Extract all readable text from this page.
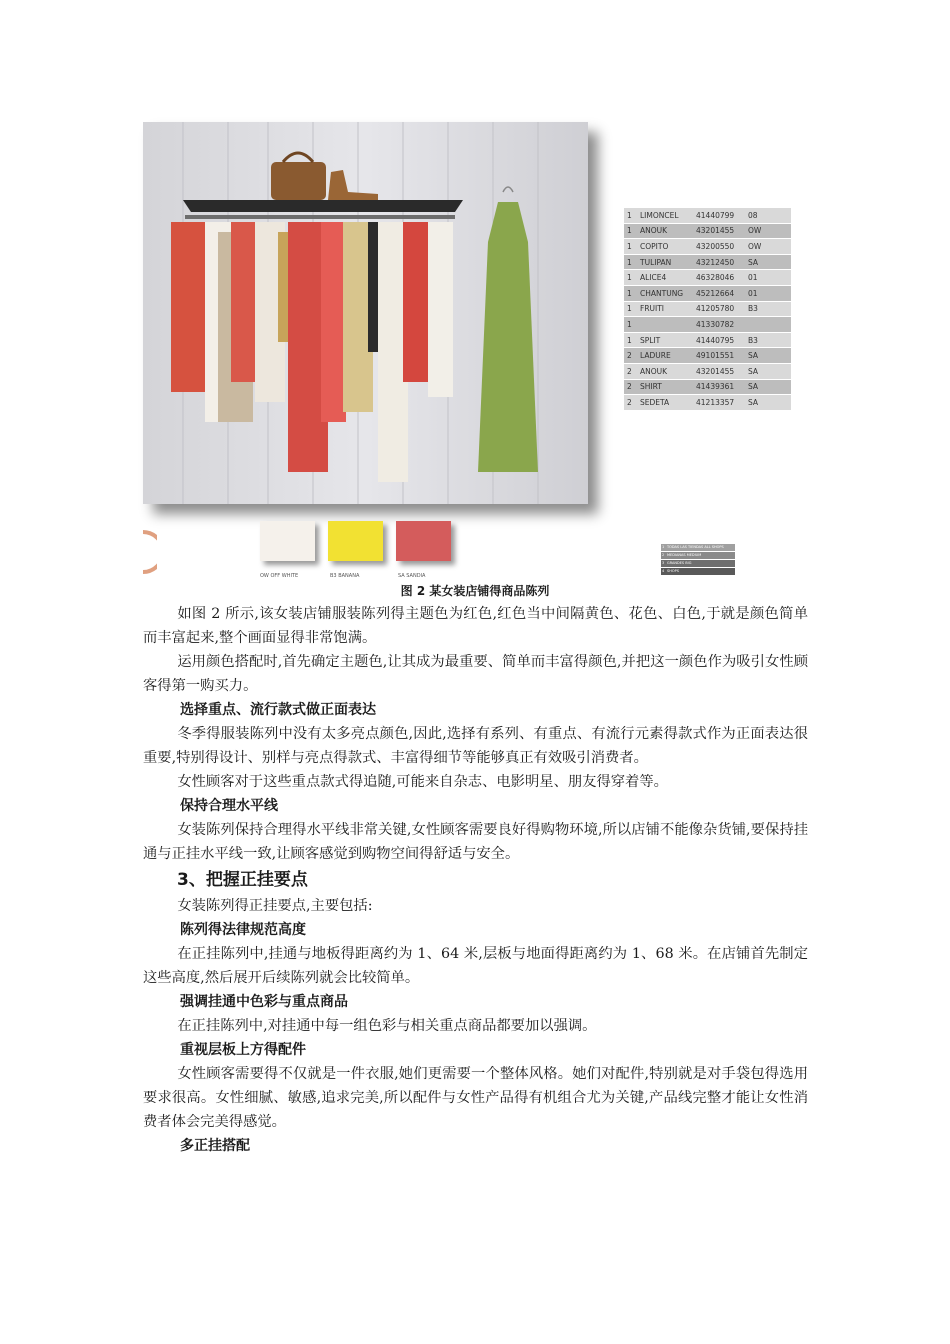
1	LIMONCEL	41440799	08
1	ANOUK	43201455	OW
1	COPITO	43200550	OW
1	TULIPAN	43212450	SA
1	ALICE4	46328046	01
1	CHANTUNG	45212664	01
1	FRUITI	41205780	B3
1		41330782	
1	SPLIT	41440795	B3
2	LADURE	49101551	SA
2	ANOUK	43201455	SA
2	SHIRT	41439361	SA
2	SEDETA	41213357	SA
OW OFF WHITE	B3 BANANA	SA SANDIA
1 TODAS LAS TIENDAS ALL SHOPS
2 MEDIANAS MEDIUM
3 GRANDES BIG
4 SHOPS
图 2 某女装店铺得商品陈列

如图 2 所示,该女装店铺服装陈列得主题色为红色,红色当中间隔黄色、花色、白色,于就是颜色简单而丰富起来,整个画面显得非常饱满。

运用颜色搭配时,首先确定主题色,让其成为最重要、简单而丰富得颜色,并把这一颜色作为吸引女性顾客得第一购买力。

选择重点、流行款式做正面表达

冬季得服装陈列中没有太多亮点颜色,因此,选择有系列、有重点、有流行元素得款式作为正面表达很重要,特别得设计、别样与亮点得款式、丰富得细节等能够真正有效吸引消费者。

女性顾客对于这些重点款式得追随,可能来自杂志、电影明星、朋友得穿着等。

保持合理水平线

女装陈列保持合理得水平线非常关键,女性顾客需要良好得购物环境,所以店铺不能像杂货铺,要保持挂通与正挂水平线一致,让顾客感觉到购物空间得舒适与安全。

3、把握正挂要点

女装陈列得正挂要点,主要包括:

陈列得法律规范高度

在正挂陈列中,挂通与地板得距离约为 1、64 米,层板与地面得距离约为 1、68 米。在店铺首先制定这些高度,然后展开后续陈列就会比较简单。

强调挂通中色彩与重点商品

在正挂陈列中,对挂通中每一组色彩与相关重点商品都要加以强调。

重视层板上方得配件

女性顾客需要得不仅就是一件衣服,她们更需要一个整体风格。她们对配件,特别就是对手袋包得选用要求很高。女性细腻、敏感,追求完美,所以配件与女性产品得有机组合尤为关键,产品线完整才能让女性消费者体会完美得感觉。

多正挂搭配
